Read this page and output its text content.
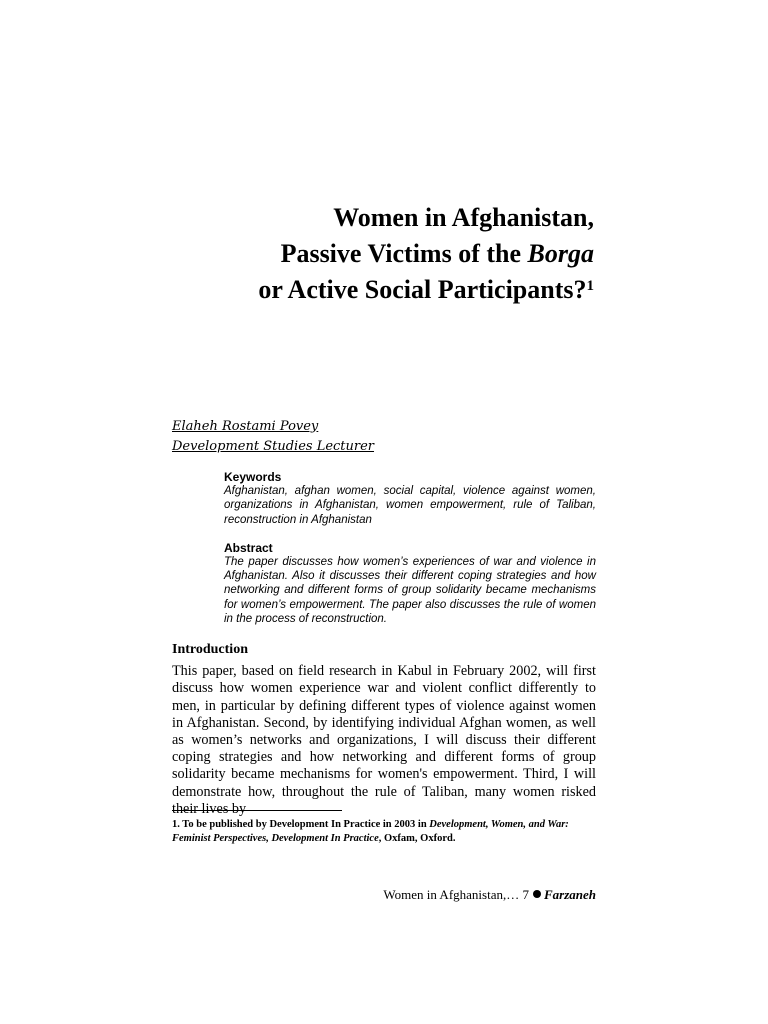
Women in Afghanistan,
Passive Victims of the Borga
or Active Social Participants?$^1$
Elaheh Rostami Povey
Development Studies Lecturer
Keywords
Afghanistan, afghan women, social capital, violence against women, organizations in Afghanistan, women empowerment, rule of Taliban, reconstruction in Afghanistan
Abstract
The paper discusses how women’s experiences of war and violence in Afghanistan. Also it discusses their different coping strategies and how networking and different forms of group solidarity became mechanisms for women’s empowerment. The paper also discusses the rule of women in the process of reconstruction.
Introduction
This paper, based on field research in Kabul in February 2002, will first discuss how women experience war and violent conflict differently to men, in particular by defining different types of violence against women in Afghanistan. Second, by identifying individual Afghan women, as well as women’s networks and organizations, I will discuss their different coping strategies and how networking and different forms of group solidarity became mechanisms for women's empowerment. Third, I will demonstrate how, throughout the rule of Taliban, many women risked their lives by
1. To be published by Development In Practice in 2003 in Development, Women, and War: Feminist Perspectives, Development In Practice, Oxfam, Oxford.
Women in Afghanistan,… 7 Farzaneh
